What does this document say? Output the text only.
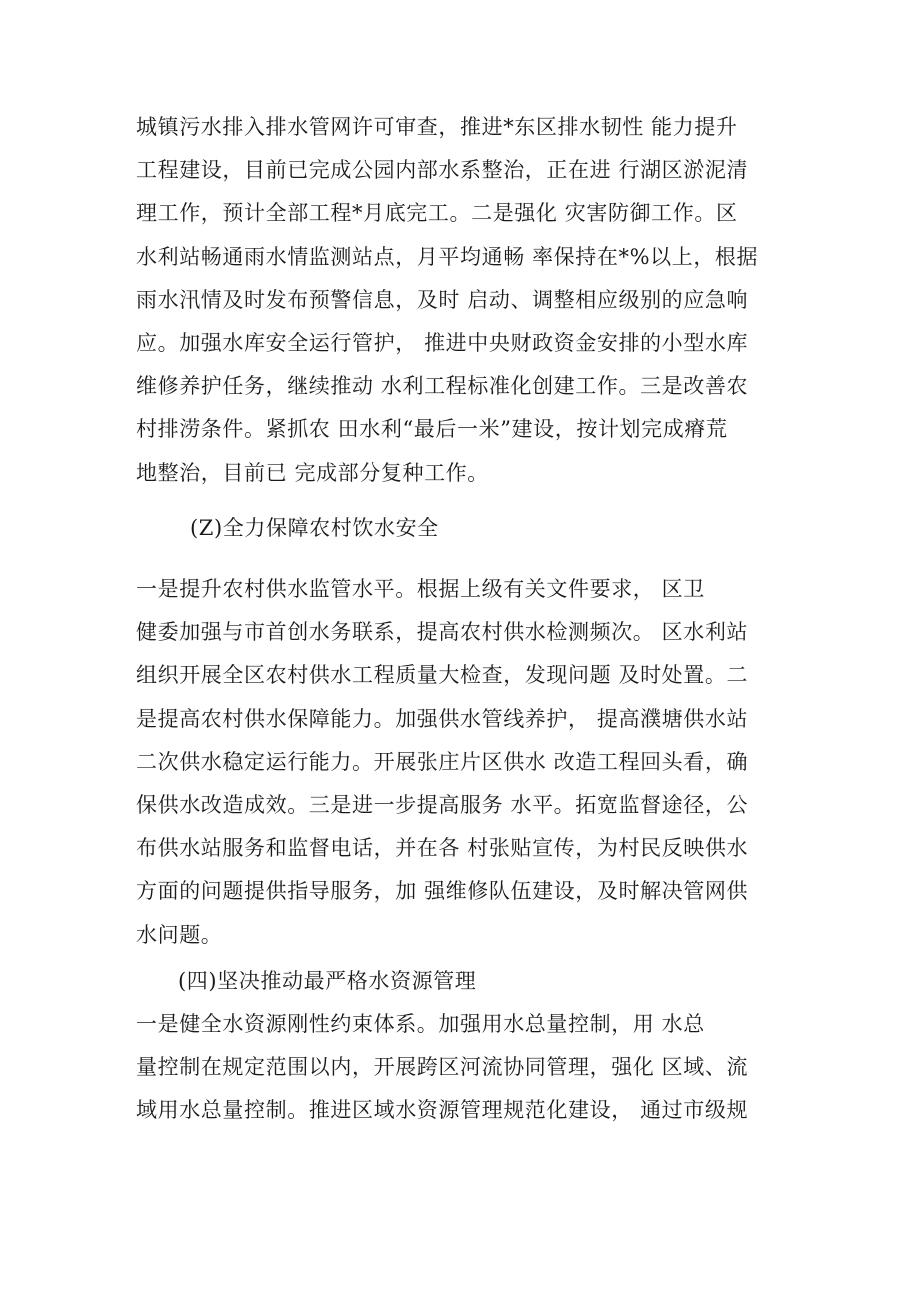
城镇污水排入排水管网许可审查，推进*东区排水韧性 能力提升
工程建设，目前已完成公园内部水系整治，正在进 行湖区淤泥清
理工作，预计全部工程*月底完工。二是强化 灾害防御工作。区
水利站畅通雨水情监测站点，月平均通畅 率保持在*%以上，根据
雨水汛情及时发布预警信息，及时 启动、调整相应级别的应急响
应。加强水库安全运行管护， 推进中央财政资金安排的小型水库
维修养护任务，继续推动 水利工程标准化创建工作。三是改善农
村排涝条件。紧抓农 田水利“最后一米”建设，按计划完成瘠荒
地整治，目前已 完成部分复种工作。
(Z)全力保障农村饮水安全
一是提升农村供水监管水平。根据上级有关文件要求， 区卫
健委加强与市首创水务联系，提高农村供水检测频次。 区水利站
组织开展全区农村供水工程质量大检查，发现问题 及时处置。二
是提高农村供水保障能力。加强供水管线养护， 提高濮塘供水站
二次供水稳定运行能力。开展张庄片区供水 改造工程回头看，确
保供水改造成效。三是进一步提高服务 水平。拓宽监督途径，公
布供水站服务和监督电话，并在各 村张贴宣传，为村民反映供水
方面的问题提供指导服务，加 强维修队伍建设，及时解决管网供
水问题。
(四)坚决推动最严格水资源管理
一是健全水资源刚性约束体系。加强用水总量控制，用 水总
量控制在规定范围以内，开展跨区河流协同管理，强化 区域、流
域用水总量控制。推进区域水资源管理规范化建设， 通过市级规
